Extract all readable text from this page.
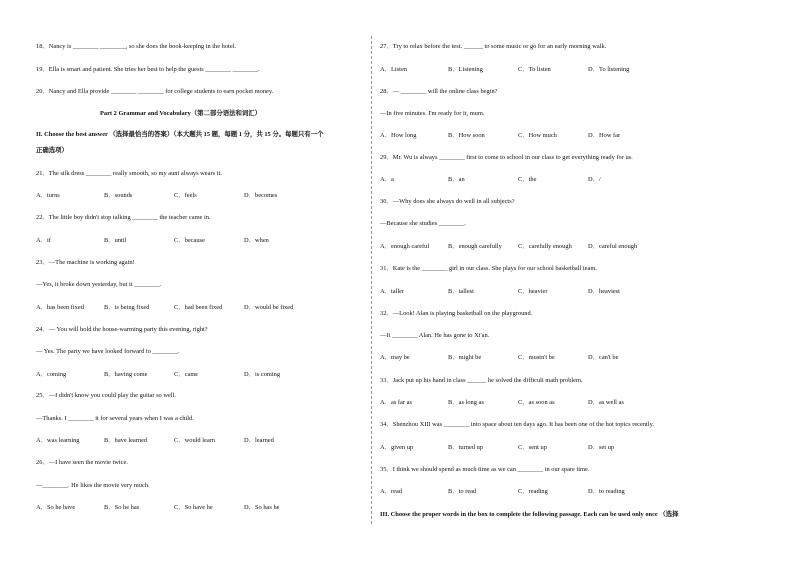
18．Nancy is ________ ________, so she does the book-keeping in the hotel.
19．Ella is smart and patient. She tries her best to help the guests ________ ________.
20．Nancy and Ella provide ________ ________ for college students to earn pocket money.
Part 2 Grammar and Vocabulary（第二部分语法和词汇）
II. Choose the best answer （选择最恰当的答案）（本大题共 15 题，每题 1 分，共 15 分。每题只有一个
正确选项）
21．The silk dress ________ really smooth, so my aunt always wears it.
A．turns	B．sounds	C．feels	D．becomes
22．The little boy didn't stop talking ________ the teacher came in.
A．if	B．until	C．because	D．when
23．—The machine is working again!
—Yes, it broke down yesterday, but it ________.
A．has been fixed	B．is being fixed	C．had been fixed	D．would be fixed
24．— You will hold the house-warming party this evening, right?
— Yes. The party we have looked forward to ________.
A．coming	B．having come	C．came	D．is coming
25．—I didn't know you could play the guitar so well.
—Thanks. I ________ it for several years when I was a child.
A．was learning	B．have learned	C．would learn	D．learned
26．—I have seen the movie twice.
—________. He likes the movie very much.
A．So he have	B．So he has	C．So have he	D．So has he
27．Try to relax before the test. ______ to some music or go for an early morning walk.
A．Listen	B．Listening	C．To listen	D．To listening
28．— ________ will the online class begin?
—In five minutes. I'm ready for it, mum.
A．How long	B．How soon	C．How much	D．How far
29．Mr. Wu is always ________ first to come to school in our class to get everything ready for us.
A．a	B．an	C．the	D．/
30．—Why does she always do well in all subjects?
—Because she studies ________.
A．enough careful	B．enough carefully	C．carefully enough	D．careful enough
31．Kate is the ________ girl in our class. She plays for our school basketball team.
A．taller	B．tallest	C．heavier	D．heaviest
32．—Look! Alan is playing basketball on the playground.
—It ________ Alan. He has gone to Xi'an.
A．may be	B．might be	C．mustn't be	D．can't be
33．Jack put up his hand in class ______ he solved the difficult math problem.
A．as far as	B．as long as	C．as soon as	D．as well as
34．Shenzhou XIII was ________ into space about ten days ago. It has been one of the hot topics recently.
A．given up	B．turned up	C．sent up	D．set up
35．I think we should spend as much time as we can ________ in our spare time.
A．read	B．to read	C．reading	D．to reading
III. Choose the proper words in the box to complete the following passage. Each can be used only once （选择
